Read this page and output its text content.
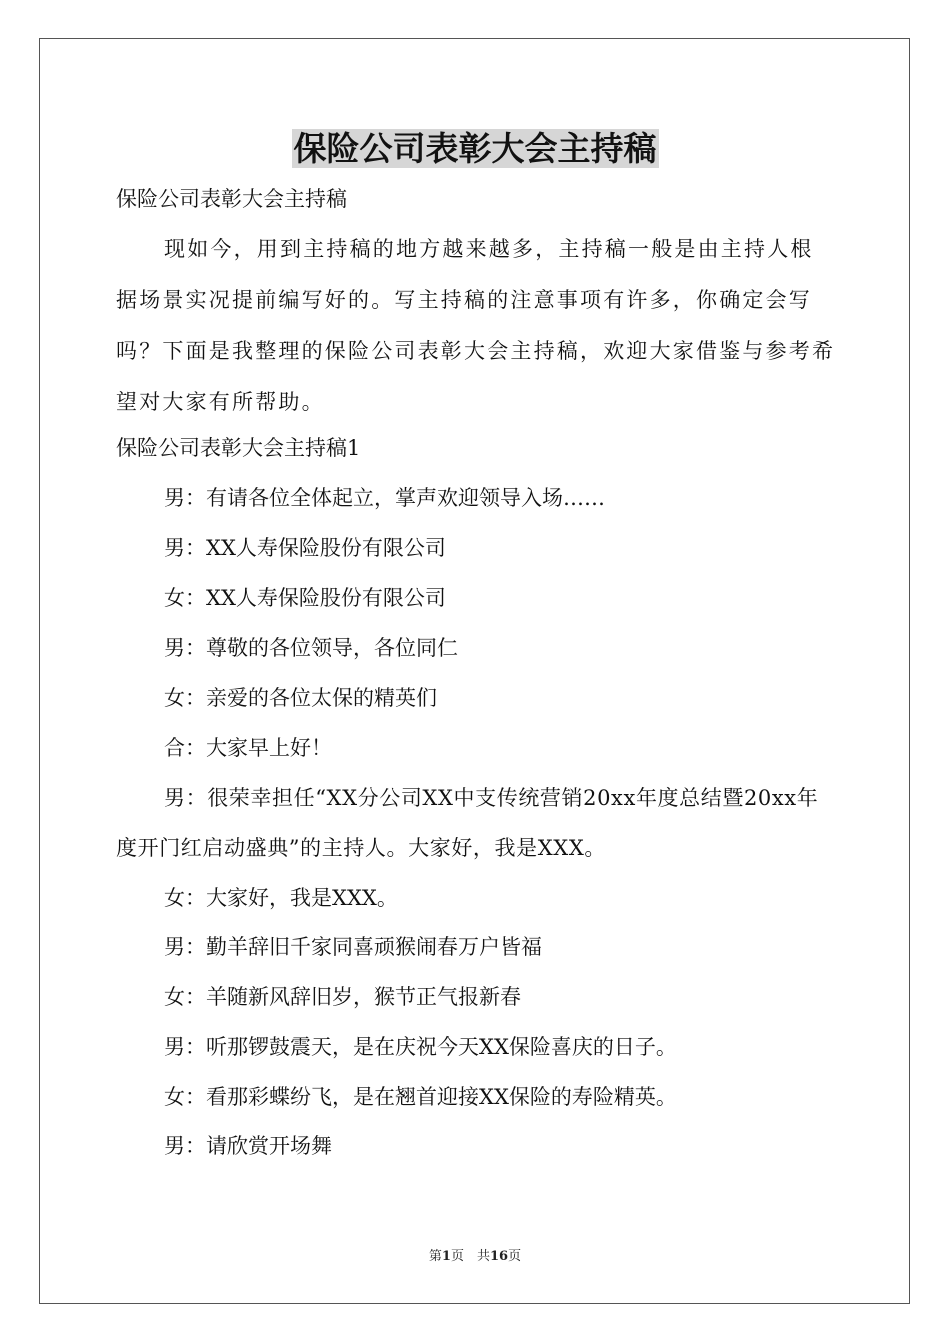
保险公司表彰大会主持稿

保险公司表彰大会主持稿

现如今，用到主持稿的地方越来越多，主持稿一般是由主持人根据场景实况提前编写好的。写主持稿的注意事项有许多，你确定会写吗？下面是我整理的保险公司表彰大会主持稿，欢迎大家借鉴与参考希望对大家有所帮助。

保险公司表彰大会主持稿1

男：有请各位全体起立，掌声欢迎领导入场……

男：XX人寿保险股份有限公司

女：XX人寿保险股份有限公司

男：尊敬的各位领导，各位同仁

女：亲爱的各位太保的精英们

合：大家早上好！

男：很荣幸担任“XX分公司XX中支传统营销20xx年度总结暨20xx年度开门红启动盛典”的主持人。大家好，我是XXX。

女：大家好，我是XXX。

男：勤羊辞旧千家同喜顽猴闹春万户皆福

女：羊随新风辞旧岁，猴节正气报新春

男：听那锣鼓震天，是在庆祝今天XX保险喜庆的日子。

女：看那彩蝶纷飞，是在翘首迎接XX保险的寿险精英。

男：请欣赏开场舞

第1页　共16页
